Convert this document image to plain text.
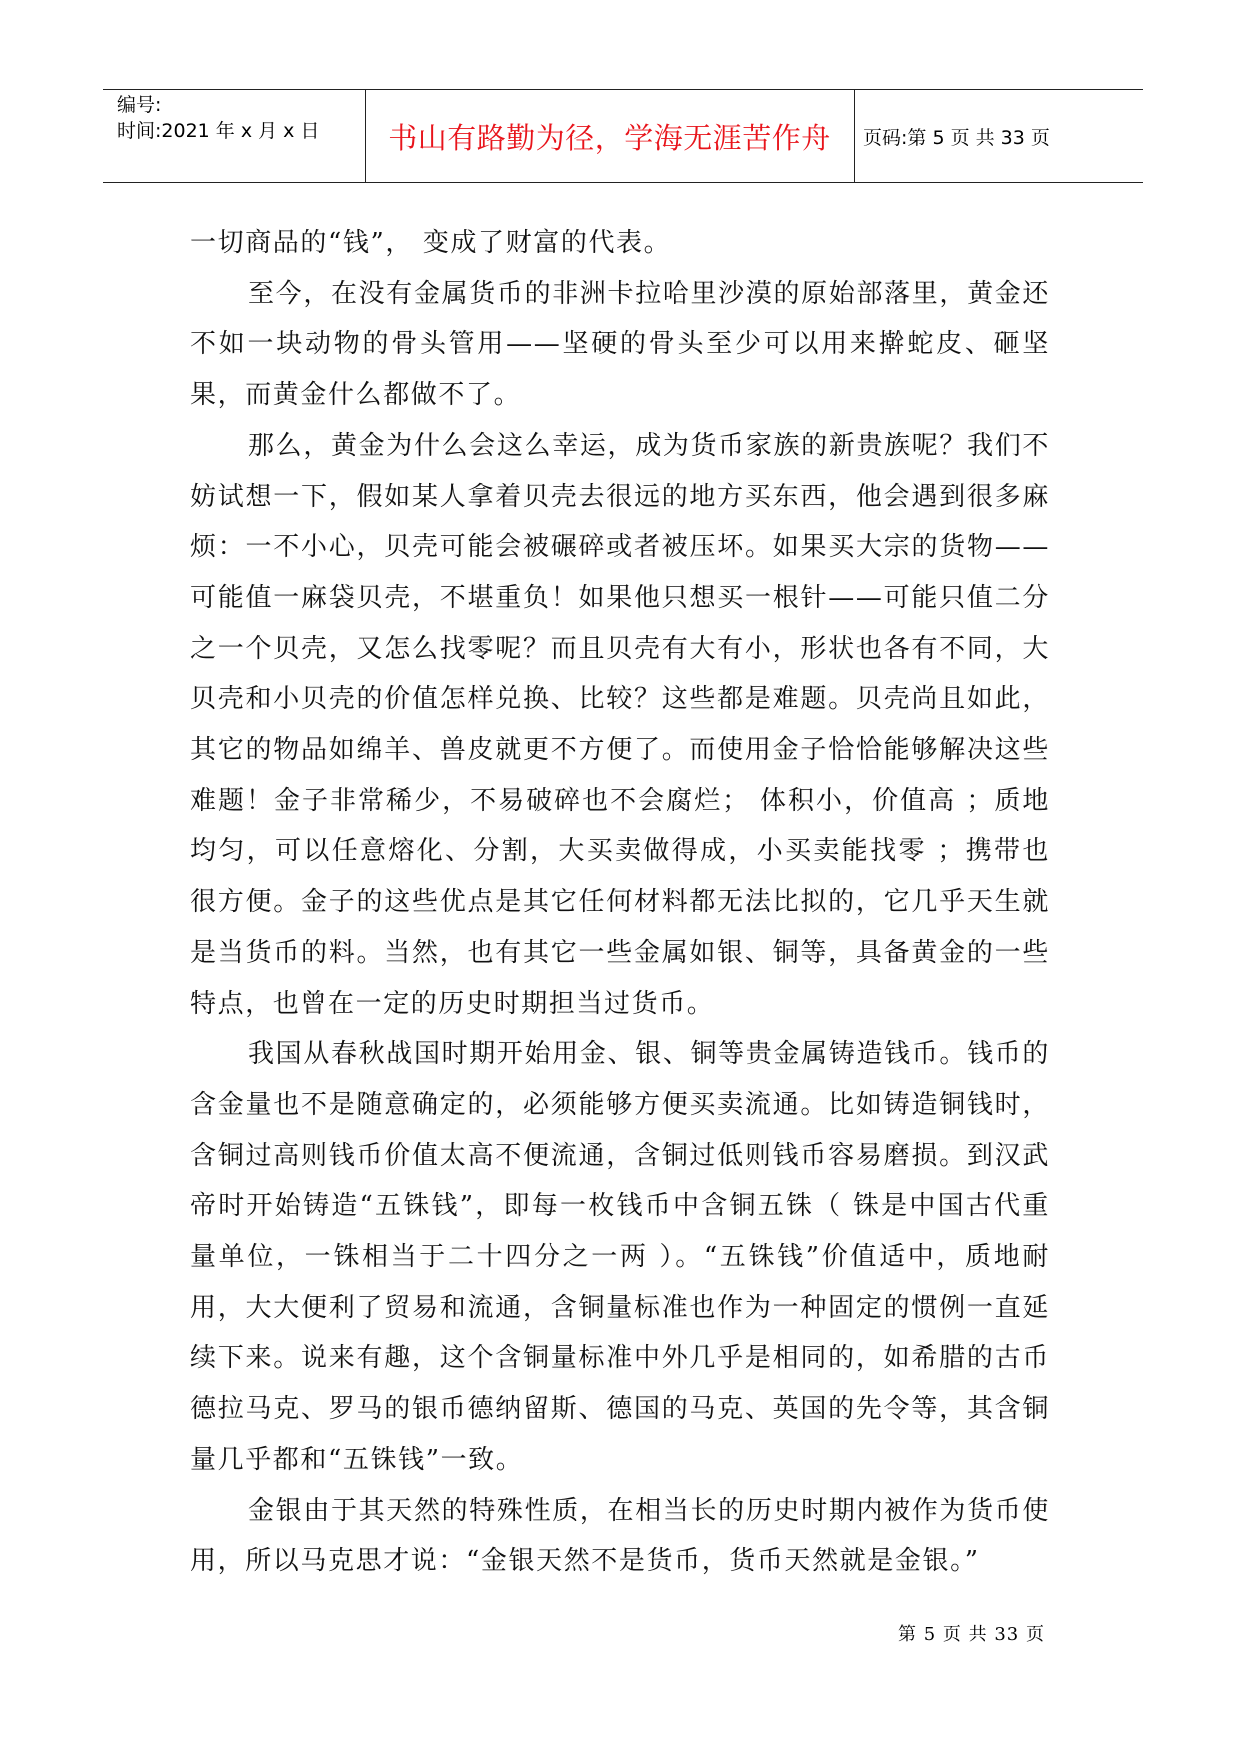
编号:
时间:2021 年 x 月 x 日	书山有路勤为径，学海无涯苦作舟	页码:第 5 页 共 33 页

一切商品的“钱”， 变成了财富的代表。

至今，在没有金属货币的非洲卡拉哈里沙漠的原始部落里，黄金还不如一块动物的骨头管用——坚硬的骨头至少可以用来擀蛇皮、砸坚果，而黄金什么都做不了。

那么，黄金为什么会这么幸运，成为货币家族的新贵族呢？我们不妨试想一下，假如某人拿着贝壳去很远的地方买东西，他会遇到很多麻烦：一不小心，贝壳可能会被碾碎或者被压坏。如果买大宗的货物——可能值一麻袋贝壳，不堪重负！如果他只想买一根针——可能只值二分之一个贝壳，又怎么找零呢？而且贝壳有大有小，形状也各有不同，大贝壳和小贝壳的价值怎样兑换、比较？这些都是难题。贝壳尚且如此，其它的物品如绵羊、兽皮就更不方便了。而使用金子恰恰能够解决这些难题！金子非常稀少，不易破碎也不会腐烂； 体积小，价值高 ；质地均匀，可以任意熔化、分割，大买卖做得成，小买卖能找零 ；携带也很方便。金子的这些优点是其它任何材料都无法比拟的，它几乎天生就是当货币的料。当然，也有其它一些金属如银、铜等，具备黄金的一些特点，也曾在一定的历史时期担当过货币。

我国从春秋战国时期开始用金、银、铜等贵金属铸造钱币。钱币的含金量也不是随意确定的，必须能够方便买卖流通。比如铸造铜钱时，含铜过高则钱币价值太高不便流通，含铜过低则钱币容易磨损。到汉武帝时开始铸造“五铢钱”，即每一枚钱币中含铜五铢（ 铢是中国古代重量单位，一铢相当于二十四分之一两 ）。“五铢钱”价值适中，质地耐用，大大便利了贸易和流通，含铜量标准也作为一种固定的惯例一直延续下来。说来有趣，这个含铜量标准中外几乎是相同的，如希腊的古币德拉马克、罗马的银币德纳留斯、德国的马克、英国的先令等，其含铜量几乎都和“五铢钱”一致。

金银由于其天然的特殊性质，在相当长的历史时期内被作为货币使用，所以马克思才说：“金银天然不是货币，货币天然就是金银。”

第 5 页 共 33 页
